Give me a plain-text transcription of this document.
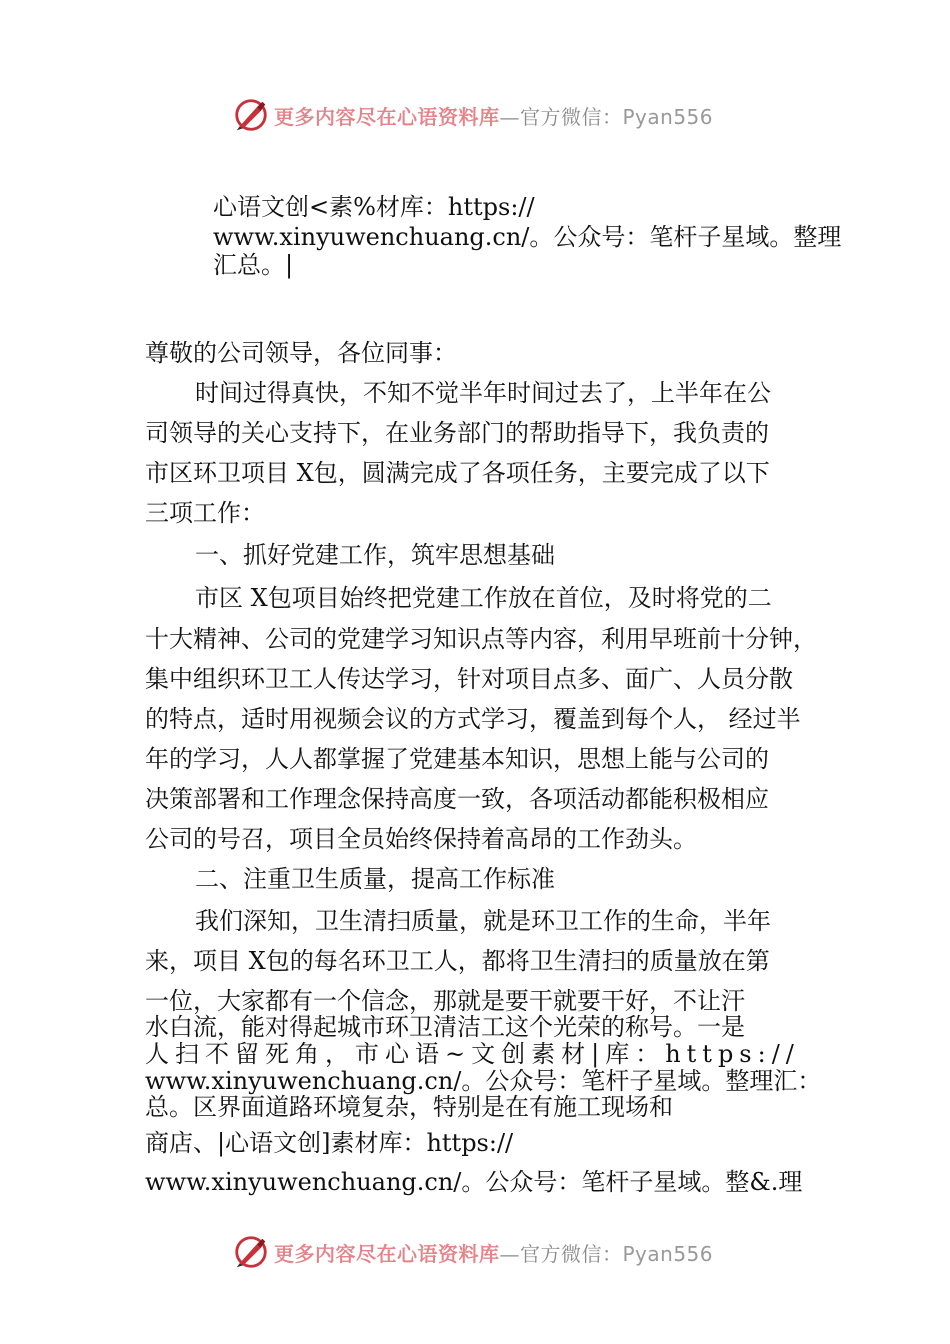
更多内容尽在心语资料库—官方微信：Pyan556
心语文创<素%材库：https://
www.xinyuwenchuang.cn/。公众号：笔杆子星域。整理
汇总。|
尊敬的公司领导，各位同事：
时间过得真快，不知不觉半年时间过去了，上半年在公
司领导的关心支持下，在业务部门的帮助指导下，我负责的
市区环卫项目 X包，圆满完成了各项任务，主要完成了以下
三项工作：
一、抓好党建工作，筑牢思想基础
市区 X包项目始终把党建工作放在首位，及时将党的二
十大精神、公司的党建学习知识点等内容，利用早班前十分钟，
集中组织环卫工人传达学习，针对项目点多、面广、人员分散
的特点，适时用视频会议的方式学习，覆盖到每个人， 经过半
年的学习，人人都掌握了党建基本知识，思想上能与公司的
决策部署和工作理念保持高度一致，各项活动都能积极相应
公司的号召，项目全员始终保持着高昂的工作劲头。
二、注重卫生质量，提高工作标准
我们深知，卫生清扫质量，就是环卫工作的生命，半年
来，项目 X包的每名环卫工人，都将卫生清扫的质量放在第
一位，大家都有一个信念，那就是要干就要干好，不让汗
水白流，能对得起城市环卫清洁工这个光荣的称号。一是
人扫不留死角，市心语~文创素材|库：https://
www.xinyuwenchuang.cn/。公众号：笔杆子星域。整理汇：
总。区界面道路环境复杂，特别是在有施工现场和
商店、|心语文创]素材库：https://
www.xinyuwenchuang.cn/。公众号：笔杆子星域。整&.理
更多内容尽在心语资料库—官方微信：Pyan556
